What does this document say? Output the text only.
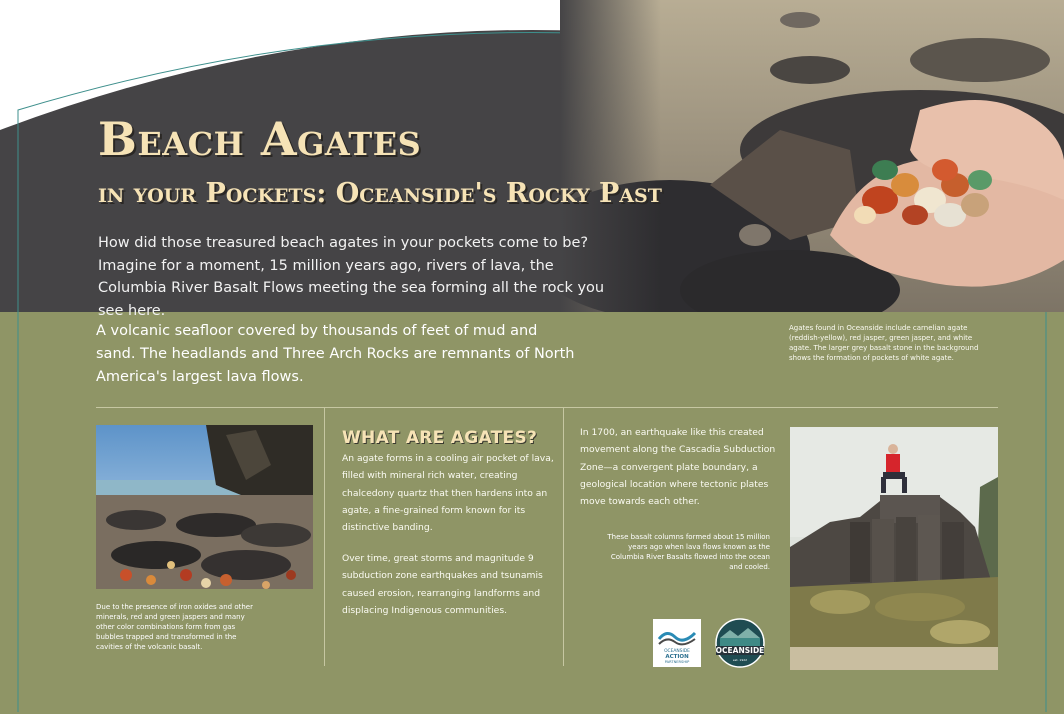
Beach Agates
in your Pockets: Oceanside's Rocky Past
How did those treasured beach agates in your pockets come to be? Imagine for a moment, 15 million years ago, rivers of lava, the Columbia River Basalt Flows meeting the sea forming all the rock you see here.
A volcanic seafloor covered by thousands of feet of mud and sand. The headlands and Three Arch Rocks are remnants of North America's largest lava flows.
Agates found in Oceanside include carnelian agate (reddish-yellow), red jasper, green jasper, and white agate. The larger grey basalt stone in the background shows the formation of pockets of white agate.
Due to the presence of iron oxides and other minerals, red and green jaspers and many other color combinations form from gas bubbles trapped and transformed in the cavities of the volcanic basalt.
WHAT ARE AGATES?
An agate forms in a cooling air pocket of lava, filled with mineral rich water, creating chalcedony quartz that then hardens into an agate, a fine-grained form known for its distinctive banding.
Over time, great storms and magnitude 9 subduction zone earthquakes and tsunamis caused erosion, rearranging landforms and displacing Indigenous communities.
In 1700, an earthquake like this created movement along the Cascadia Subduction Zone—a convergent plate boundary, a geological location where tectonic plates move towards each other.
These basalt columns formed about 15 million years ago when lava flows known as the Columbia River Basalts flowed into the ocean and cooled.
OCEANSIDE
ACTION
PARTNERSHIP
OCEANSIDE
est. 1922
